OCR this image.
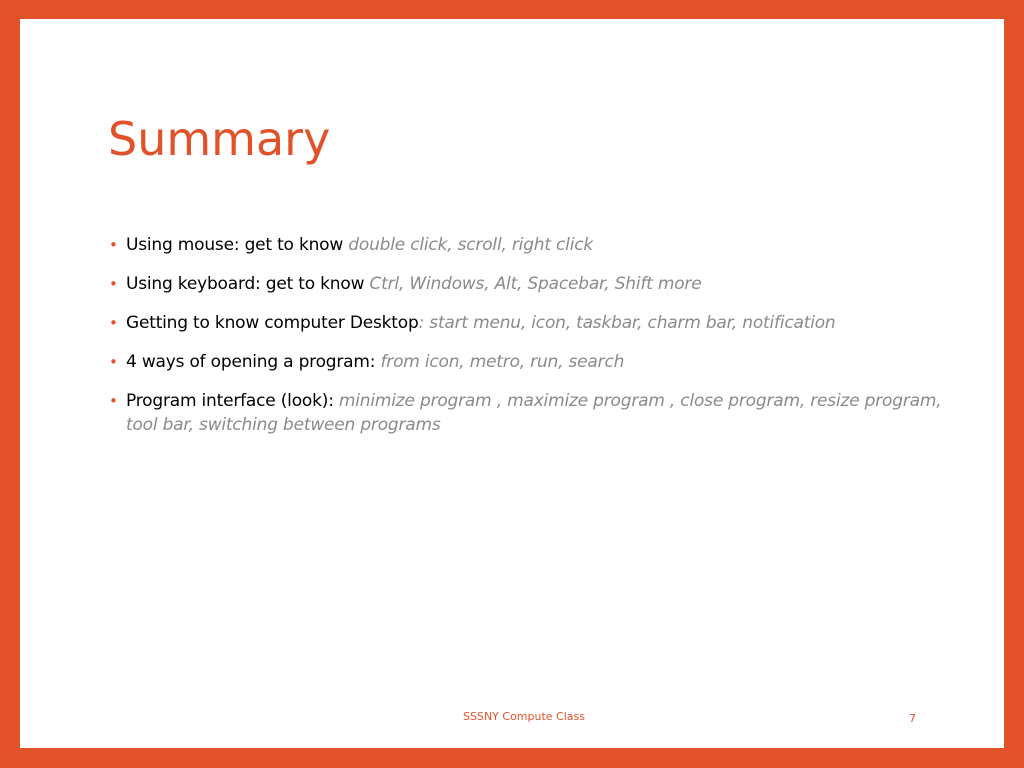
Summary
• Using mouse: get to know double click, scroll, right click
• Using keyboard: get to know Ctrl, Windows, Alt, Spacebar, Shift more
• Getting to know computer Desktop: start menu, icon, taskbar, charm bar, notification
• 4 ways of opening a program: from icon, metro, run, search
• Program interface (look): minimize program , maximize program , close program, resize program, tool bar, switching between programs
SSSNY Compute Class	7
